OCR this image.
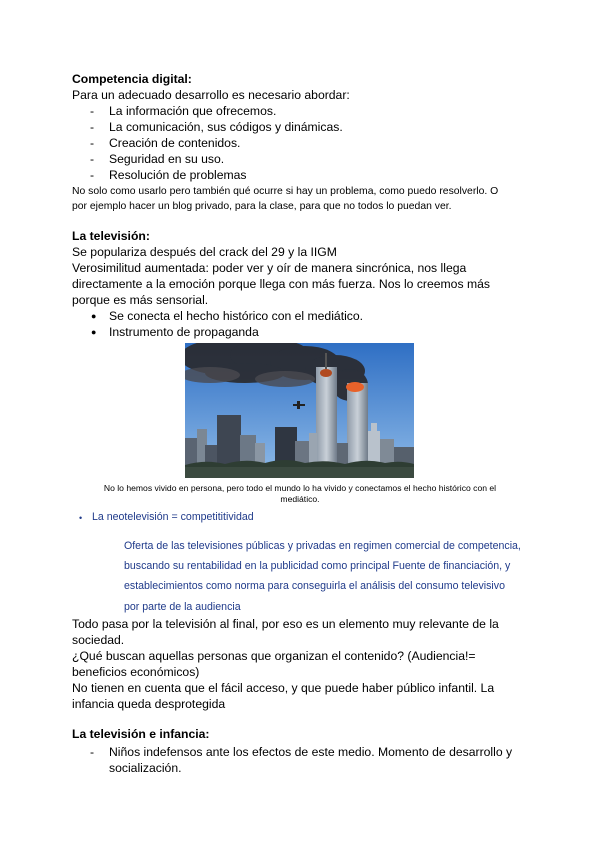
Competencia digital:
Para un adecuado desarrollo es necesario abordar:
- La información que ofrecemos.
- La comunicación, sus códigos y dinámicas.
- Creación de contenidos.
- Seguridad en su uso.
- Resolución de problemas
No solo como usarlo pero también qué ocurre si hay un problema, como puedo resolverlo. O
por ejemplo hacer un blog privado, para la clase, para que no todos lo puedan ver.
La televisión:
Se populariza después del crack del 29 y la IIGM
Verosimilitud aumentada: poder ver y oír de manera sincrónica, nos llega
directamente a la emoción porque llega con más fuerza. Nos lo creemos más
porque es más sensorial.
● Se conecta el hecho histórico con el mediático.
● Instrumento de propaganda
No lo hemos vivido en persona, pero todo el mundo lo ha vivido y conectamos el hecho histórico con el
mediático.
• La neotelevisión = competititividad
Oferta de las televisiones públicas y privadas en regimen comercial de competencia,
buscando su rentabilidad en la publicidad como principal Fuente de financiación, y
establecimientos como norma para conseguirla el análisis del consumo televisivo
por parte de la audiencia
Todo pasa por la televisión al final, por eso es un elemento muy relevante de la
sociedad.
¿Qué buscan aquellas personas que organizan el contenido? (Audiencia!=
beneficios económicos)
No tienen en cuenta que el fácil acceso, y que puede haber público infantil. La
infancia queda desprotegida
La televisión e infancia:
- Niños indefensos ante los efectos de este medio. Momento de desarrollo y
socialización.
